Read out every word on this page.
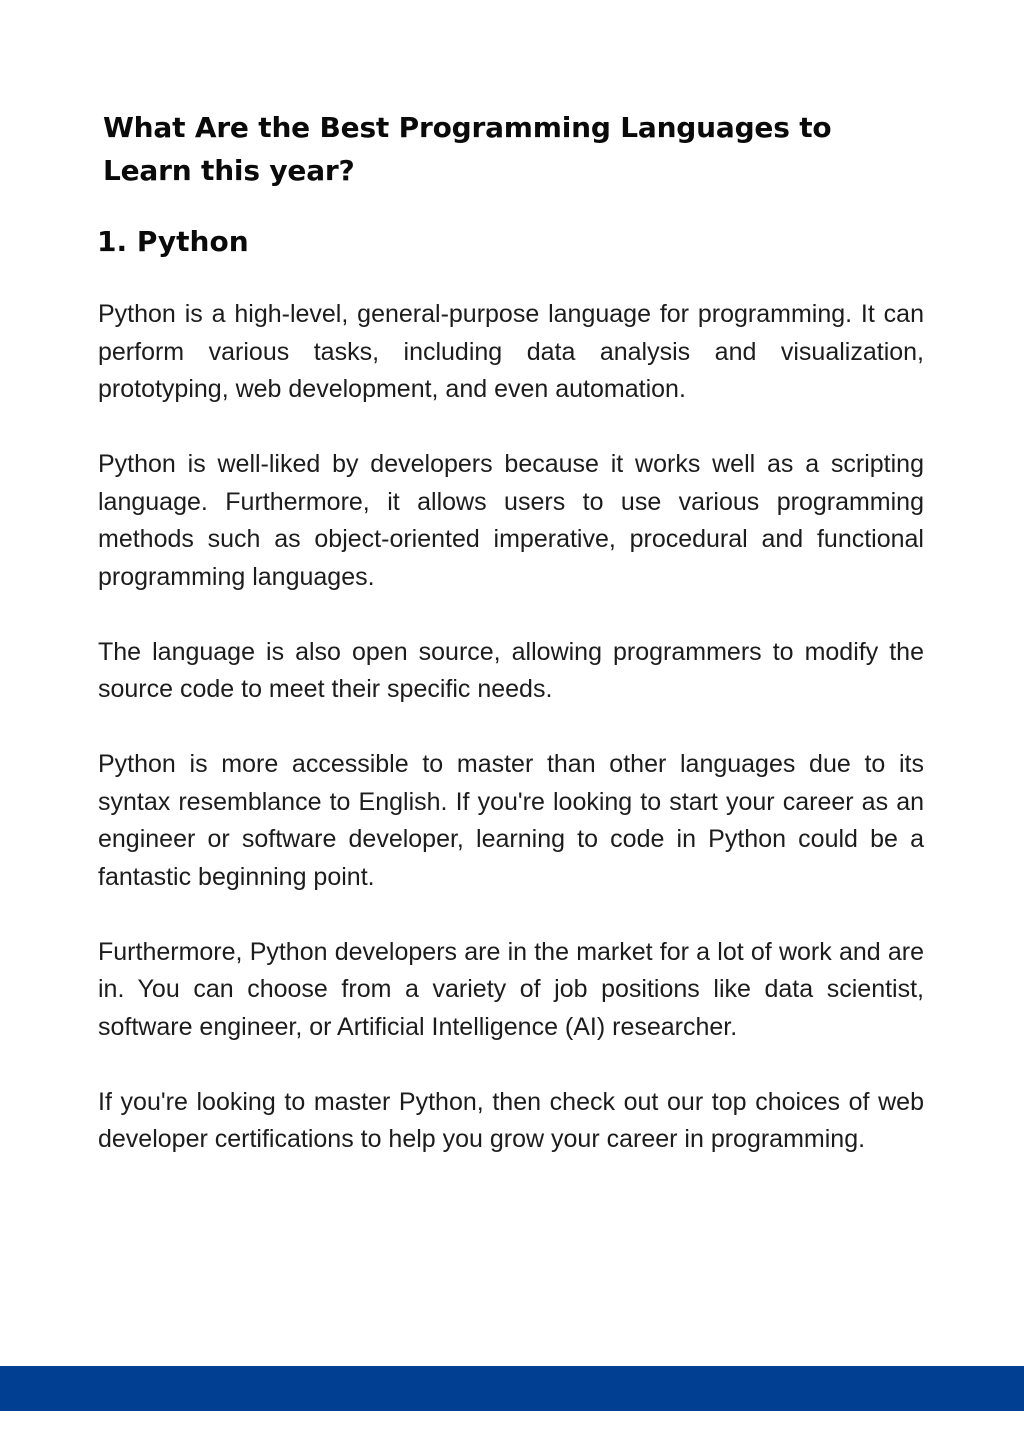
What Are the Best Programming Languages to Learn this year?
1. Python

Python is a high-level, general-purpose language for programming. It can perform various tasks, including data analysis and visualization, prototyping, web development, and even automation.

Python is well-liked by developers because it works well as a scripting language. Furthermore, it allows users to use various programming methods such as object-oriented imperative, procedural and functional programming languages.

The language is also open source, allowing programmers to modify the source code to meet their specific needs.

Python is more accessible to master than other languages due to its syntax resemblance to English. If you're looking to start your career as an engineer or software developer, learning to code in Python could be a fantastic beginning point.

Furthermore, Python developers are in the market for a lot of work and are in. You can choose from a variety of job positions like data scientist, software engineer, or Artificial Intelligence (AI) researcher.

If you're looking to master Python, then check out our top choices of web developer certifications to help you grow your career in programming.
